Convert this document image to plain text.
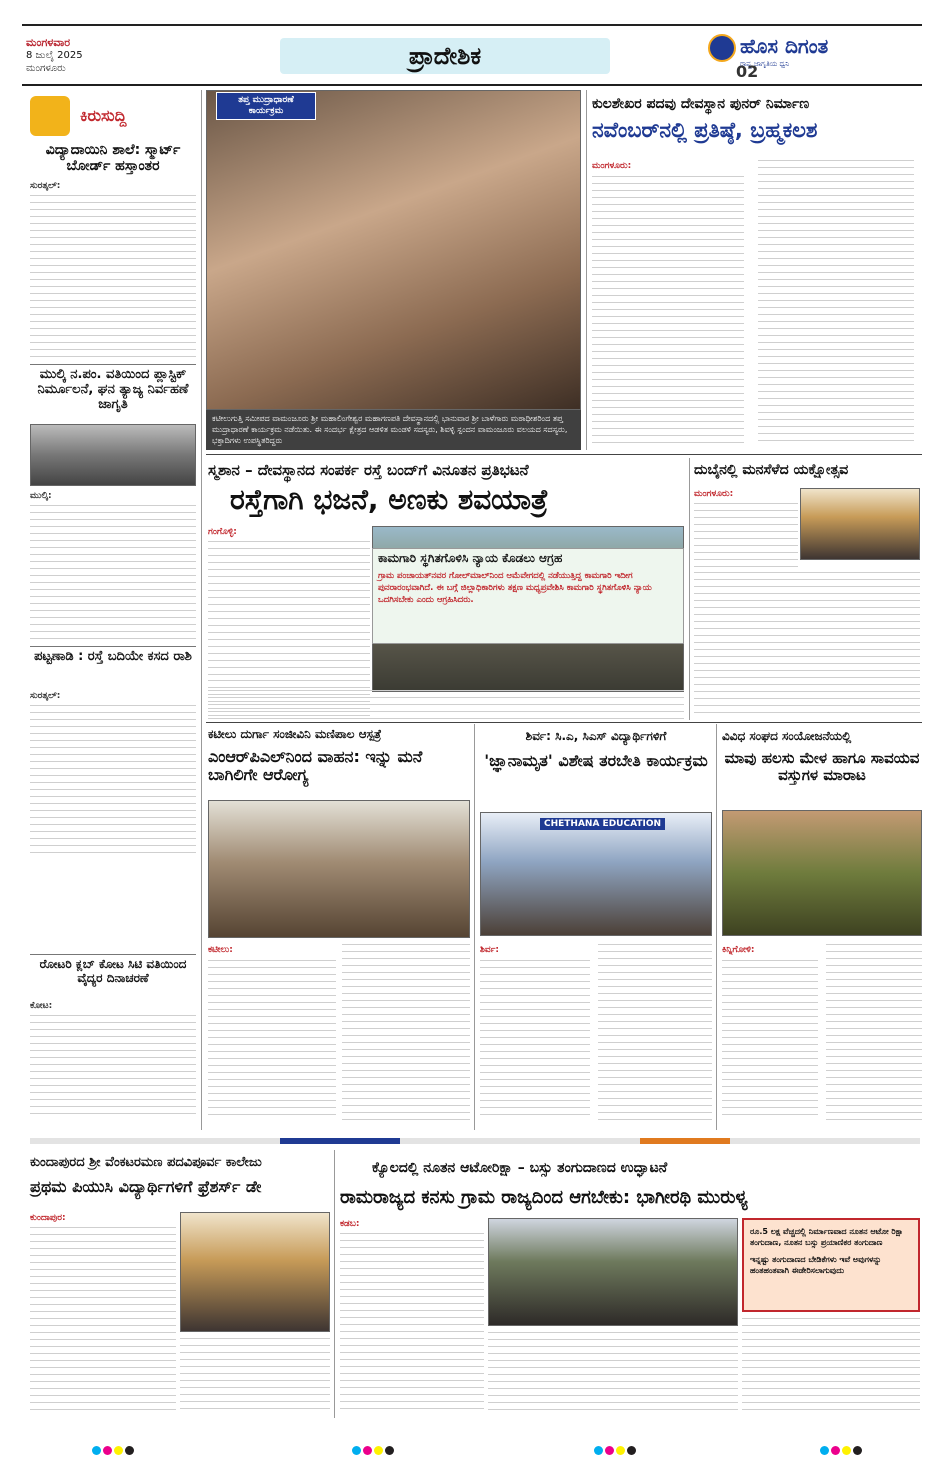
ಮಂಗಳವಾರ
8 ಜುಲೈ 2025
ಮಂಗಳೂರು	ಪ್ರಾದೇಶಿಕ	ಹೊಸ ದಿಗಂತ
ರಾಷ್ಟ್ರ ಜಾಗೃತಿಯ ಧ್ವನಿ
02
ಕಿರುಸುದ್ದಿ
ವಿದ್ಯಾದಾಯಿನಿ ಶಾಲೆ: ಸ್ಮಾರ್ಟ್ ಬೋರ್ಡ್ ಹಸ್ತಾಂತರ
ಸುರತ್ಕಲ್:
ಮುಲ್ಕಿ ನ.ಪಂ. ವತಿಯಿಂದ ಪ್ಲಾಸ್ಟಿಕ್ ನಿರ್ಮೂಲನೆ, ಘನ ತ್ಯಾಜ್ಯ ನಿರ್ವಹಣೆ ಜಾಗೃತಿ
ಮುಲ್ಕಿ:
ಪಟ್ಟಣಾಡಿ : ರಸ್ತೆ ಬದಿಯೇ ಕಸದ ರಾಶಿ
ಸುರತ್ಕಲ್:
ರೋಟರಿ ಕ್ಲಬ್ ಕೋಟ ಸಿಟಿ ವತಿಯಿಂದ ವೈದ್ಯರ ದಿನಾಚರಣೆ
ಕೋಟ:
ತಪ್ತ ಮುದ್ರಾಧಾರಣೆ ಕಾರ್ಯಕ್ರಮ
ಕಟೀಲುಗುತ್ತಿ ಸಮೀಪದ ವಾಮಂಜೂರು ಶ್ರೀ ಮಹಾಲಿಂಗೇಶ್ವರ ಮಹಾಗಣಪತಿ ದೇವಸ್ಥಾನದಲ್ಲಿ ಭಾನುವಾರ ಶ್ರೀ ಬಾಳೆಗಾರು ಮಠಾಧೀಶರಿಂದ ತಪ್ತ ಮುದ್ರಾಧಾರಣೆ ಕಾರ್ಯಕ್ರಮ ನಡೆಯಿತು. ಈ ಸಂದರ್ಭ ಕ್ಷೇತ್ರದ ಆಡಳಿತ ಮಂಡಳಿ ಸದಸ್ಯರು, ಶಿವಳ್ಳಿ ಸ್ಪಂದನ ವಾಮಂಜೂರು ವಲಯದ ಸದಸ್ಯರು, ಭಕ್ತಾದಿಗಳು ಉಪಸ್ಥಿತರಿದ್ದರು
ಕುಲಶೇಖರ ಪದವು ದೇವಸ್ಥಾನ ಪುನರ್ ನಿರ್ಮಾಣ
ನವೆಂಬರ್‌ನಲ್ಲಿ ಪ್ರತಿಷ್ಠೆ, ಬ್ರಹ್ಮಕಲಶ
ಮಂಗಳೂರು:
ಸ್ಮಶಾನ – ದೇವಸ್ಥಾನದ ಸಂಪರ್ಕ ರಸ್ತೆ ಬಂದ್‌ಗೆ ವಿನೂತನ ಪ್ರತಿಭಟನೆ
ರಸ್ತೆಗಾಗಿ ಭಜನೆ, ಅಣಕು ಶವಯಾತ್ರೆ
ಗಂಗೊಳ್ಳಿ:
ಕಾಮಗಾರಿ ಸ್ಥಗಿತಗೊಳಿಸಿ ನ್ಯಾಯ ಕೊಡಲು ಆಗ್ರಹ
ಗ್ರಾಮ ಪಂಚಾಯತ್‌ನವರ ಗೋಲ್‌ಮಾಲ್‌ನಿಂದ ಆಮೆವೇಗದಲ್ಲಿ ನಡೆಯುತ್ತಿದ್ದ ಕಾಮಗಾರಿ ಇದೀಗ ಪುನರಾರಂಭವಾಗಿದೆ. ಈ ಬಗ್ಗೆ ಜಿಲ್ಲಾಧಿಕಾರಿಗಳು ತಕ್ಷಣ ಮಧ್ಯಪ್ರವೇಶಿಸಿ ಕಾಮಗಾರಿ ಸ್ಥಗಿತಗೊಳಿಸಿ ನ್ಯಾಯ ಒದಗಿಸಬೇಕು ಎಂದು ಆಗ್ರಹಿಸಿದರು.
ದುಬೈನಲ್ಲಿ ಮನಸೆಳೆದ ಯಕ್ಷೋತ್ಸವ
ಮಂಗಳೂರು:
ಕಟೀಲು ದುರ್ಗಾ ಸಂಜೀವಿನಿ ಮಣಿಪಾಲ ಆಸ್ಪತ್ರೆ
ಎಂಆರ್‌ಪಿಎಲ್‌ನಿಂದ ವಾಹನ: ಇನ್ನು ಮನೆ ಬಾಗಿಲಿಗೇ ಆರೋಗ್ಯ
ಕಟೀಲು:
ಶಿರ್ವ: ಸಿ.ಎ, ಸಿಎಸ್ ವಿದ್ಯಾರ್ಥಿಗಳಿಗೆ
'ಜ್ಞಾನಾಮೃತ' ವಿಶೇಷ ತರಬೇತಿ ಕಾರ್ಯಕ್ರಮ
CHETHANA EDUCATION
ಶಿರ್ವ:
ವಿವಿಧ ಸಂಘದ ಸಂಯೋಜನೆಯಲ್ಲಿ
ಮಾವು ಹಲಸು ಮೇಳ ಹಾಗೂ ಸಾವಯವ ವಸ್ತುಗಳ ಮಾರಾಟ
ಕಿನ್ನಿಗೋಳಿ:
ಕುಂದಾಪುರದ ಶ್ರೀ ವೆಂಕಟರಮಣ ಪದವಿಪೂರ್ವ ಕಾಲೇಜು
ಪ್ರಥಮ ಪಿಯುಸಿ ವಿದ್ಯಾರ್ಥಿಗಳಿಗೆ ಫ್ರೆಶರ್ಸ್ ಡೇ
ಕುಂದಾಪುರ:
ಕ್ಯೊಲದಲ್ಲಿ ನೂತನ ಆಟೋರಿಕ್ಷಾ – ಬಸ್ಸು ತಂಗುದಾಣದ ಉದ್ಘಾಟನೆ
ರಾಮರಾಜ್ಯದ ಕನಸು ಗ್ರಾಮ ರಾಜ್ಯದಿಂದ ಆಗಬೇಕು: ಭಾಗೀರಥಿ ಮುರುಳ್ಯ
ಕಡಬ:
ರೂ.5 ಲಕ್ಷ ವೆಚ್ಚದಲ್ಲಿ ನಿರ್ಮಾಣವಾದ ನೂತನ ಆಟೋ ರಿಕ್ಷಾ ತಂಗುದಾಣ, ನೂತನ ಬಸ್ಸು ಪ್ರಯಾಣಿಕರ ತಂಗುದಾಣ
ಇನ್ನಷ್ಟು ತಂಗುದಾಣದ ಬೇಡಿಕೆಗಳು ಇವೆ ಅವುಗಳನ್ನು ಹಂತಹಂತವಾಗಿ ಈಡೇರಿಸಲಾಗುವುದು
